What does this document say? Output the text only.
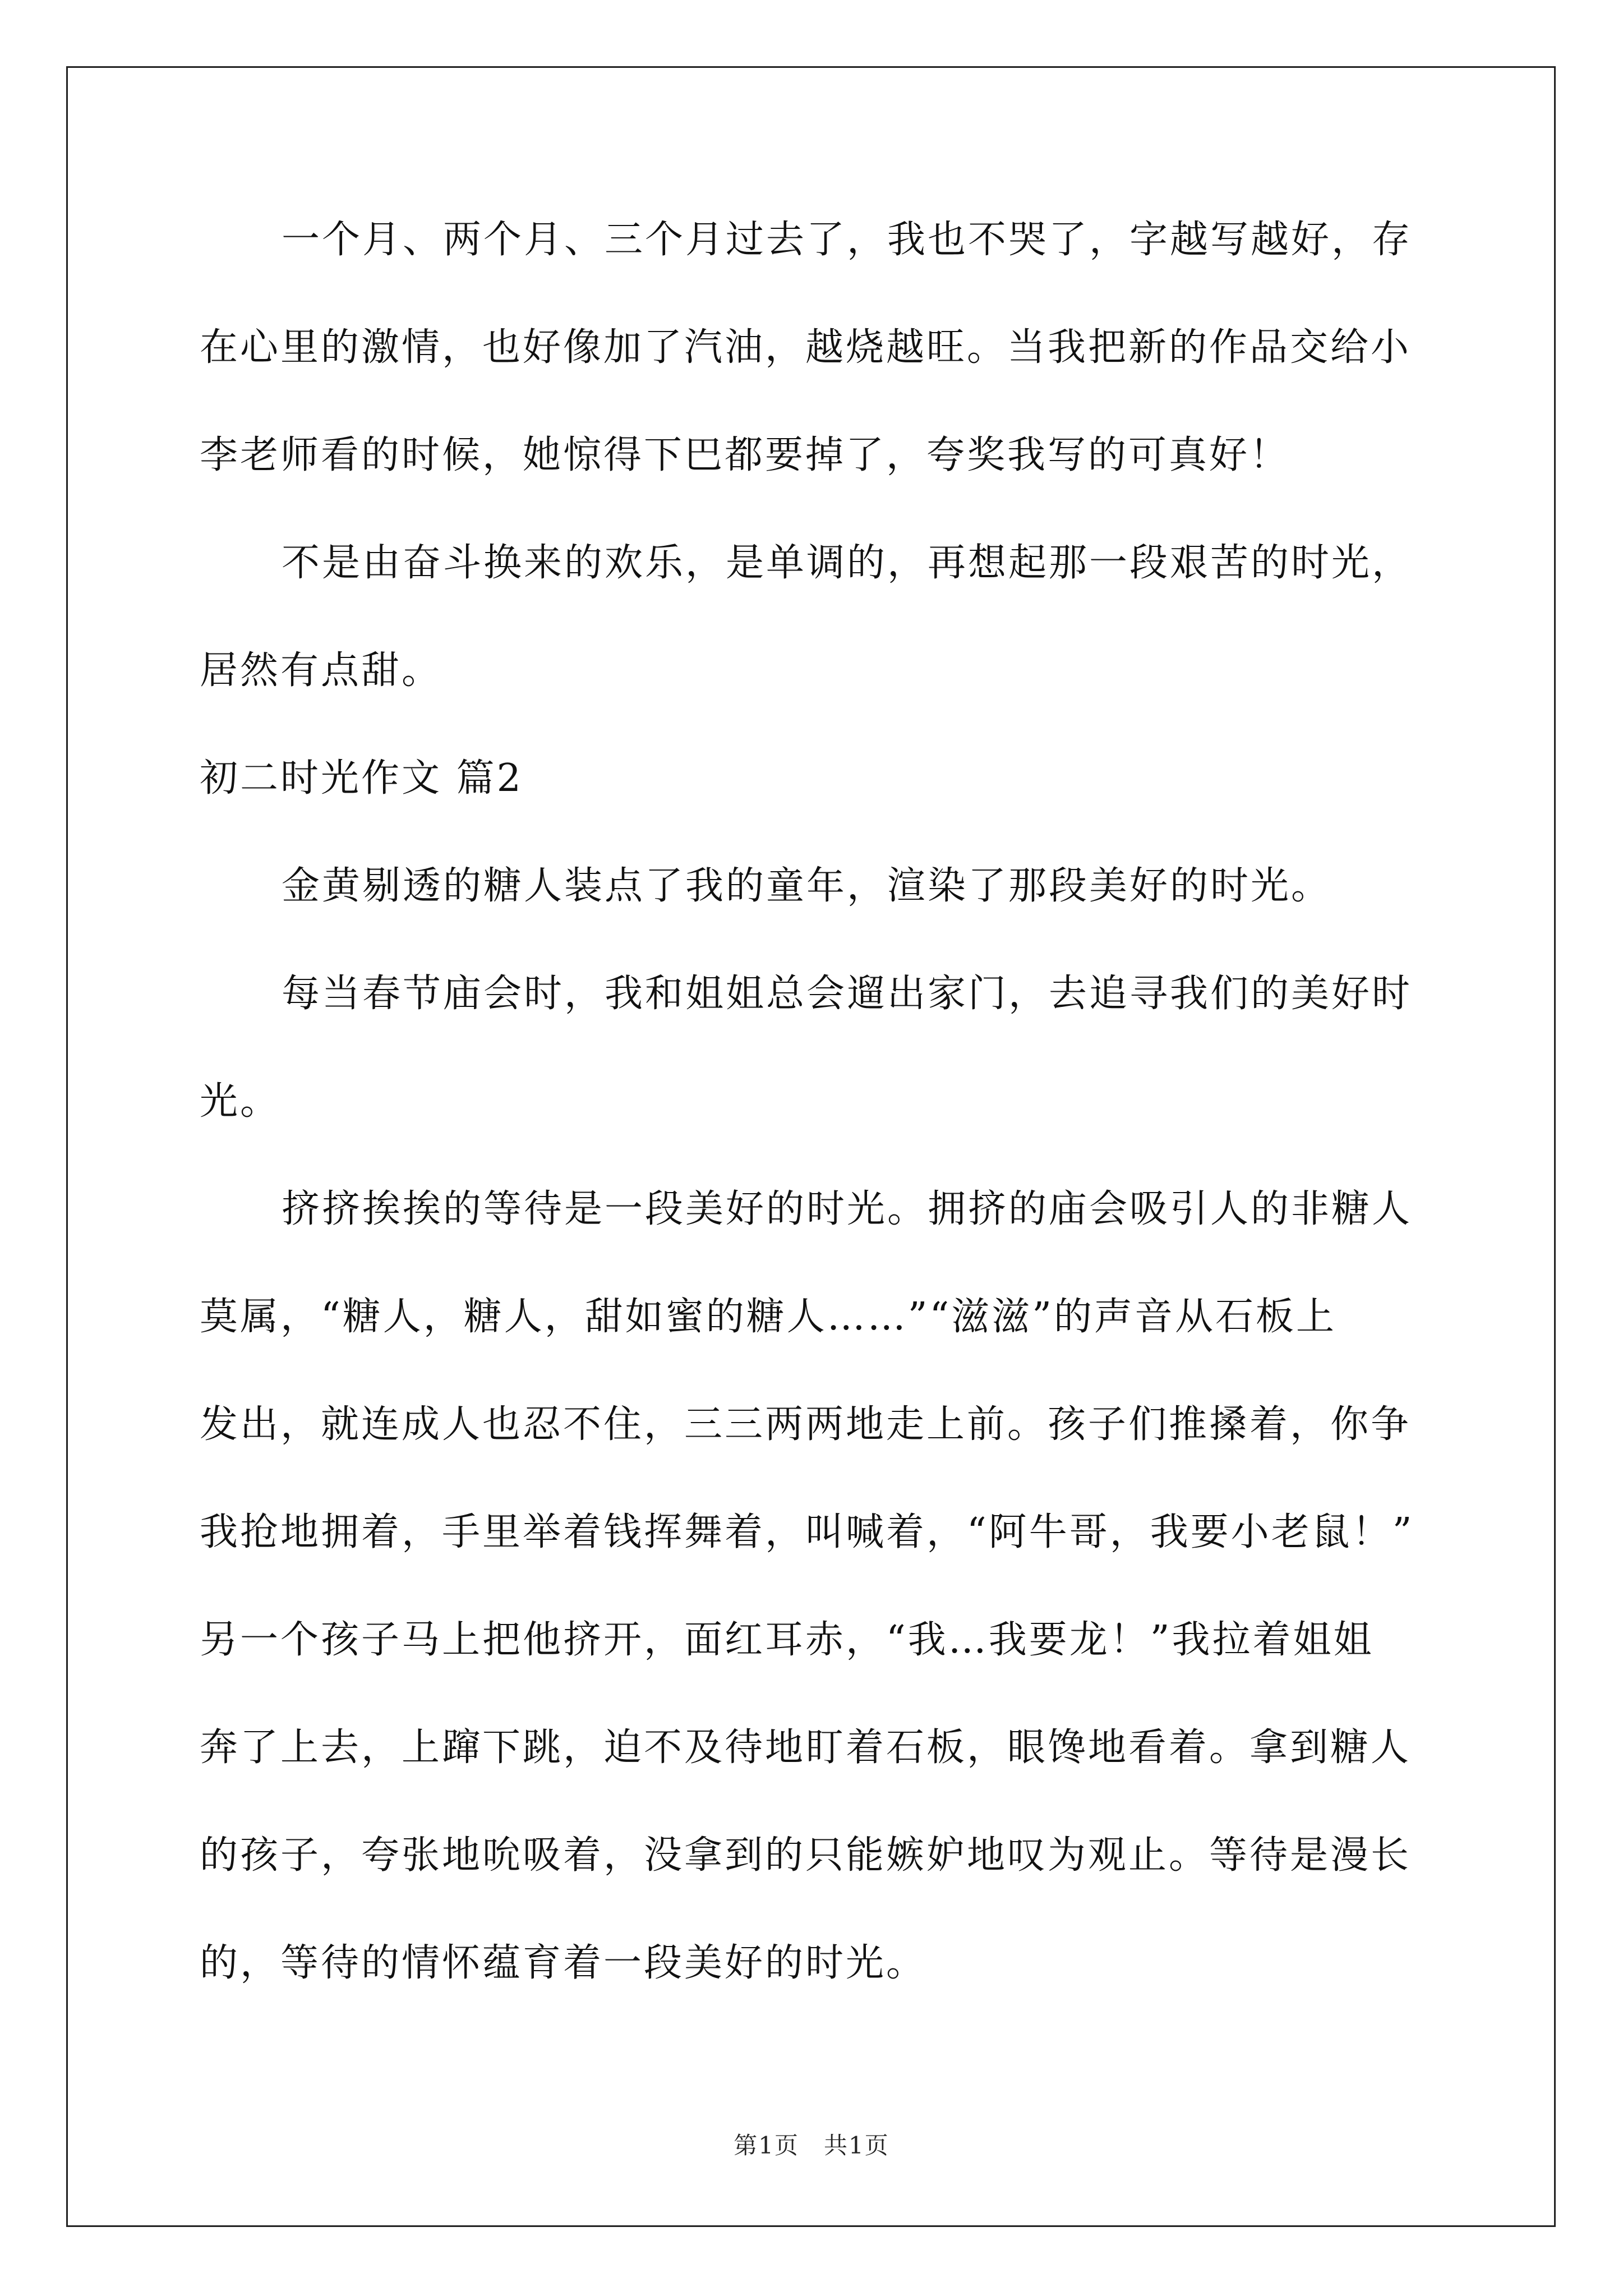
一个月、两个月、三个月过去了，我也不哭了，字越写越好，存
在心里的激情，也好像加了汽油，越烧越旺。当我把新的作品交给小
李老师看的时候，她惊得下巴都要掉了，夸奖我写的可真好！
不是由奋斗换来的欢乐，是单调的，再想起那一段艰苦的时光，
居然有点甜。
初二时光作文 篇2
金黄剔透的糖人装点了我的童年，渲染了那段美好的时光。
每当春节庙会时，我和姐姐总会遛出家门，去追寻我们的美好时
光。
挤挤挨挨的等待是一段美好的时光。拥挤的庙会吸引人的非糖人
莫属，“糖人，糖人，甜如蜜的糖人……”“滋滋”的声音从石板上
发出，就连成人也忍不住，三三两两地走上前。孩子们推搡着，你争
我抢地拥着，手里举着钱挥舞着，叫喊着，“阿牛哥，我要小老鼠！”
另一个孩子马上把他挤开，面红耳赤，“我…我要龙！”我拉着姐姐
奔了上去，上蹿下跳，迫不及待地盯着石板，眼馋地看着。拿到糖人
的孩子，夸张地吮吸着，没拿到的只能嫉妒地叹为观止。等待是漫长
的，等待的情怀蕴育着一段美好的时光。
第1页　共1页
